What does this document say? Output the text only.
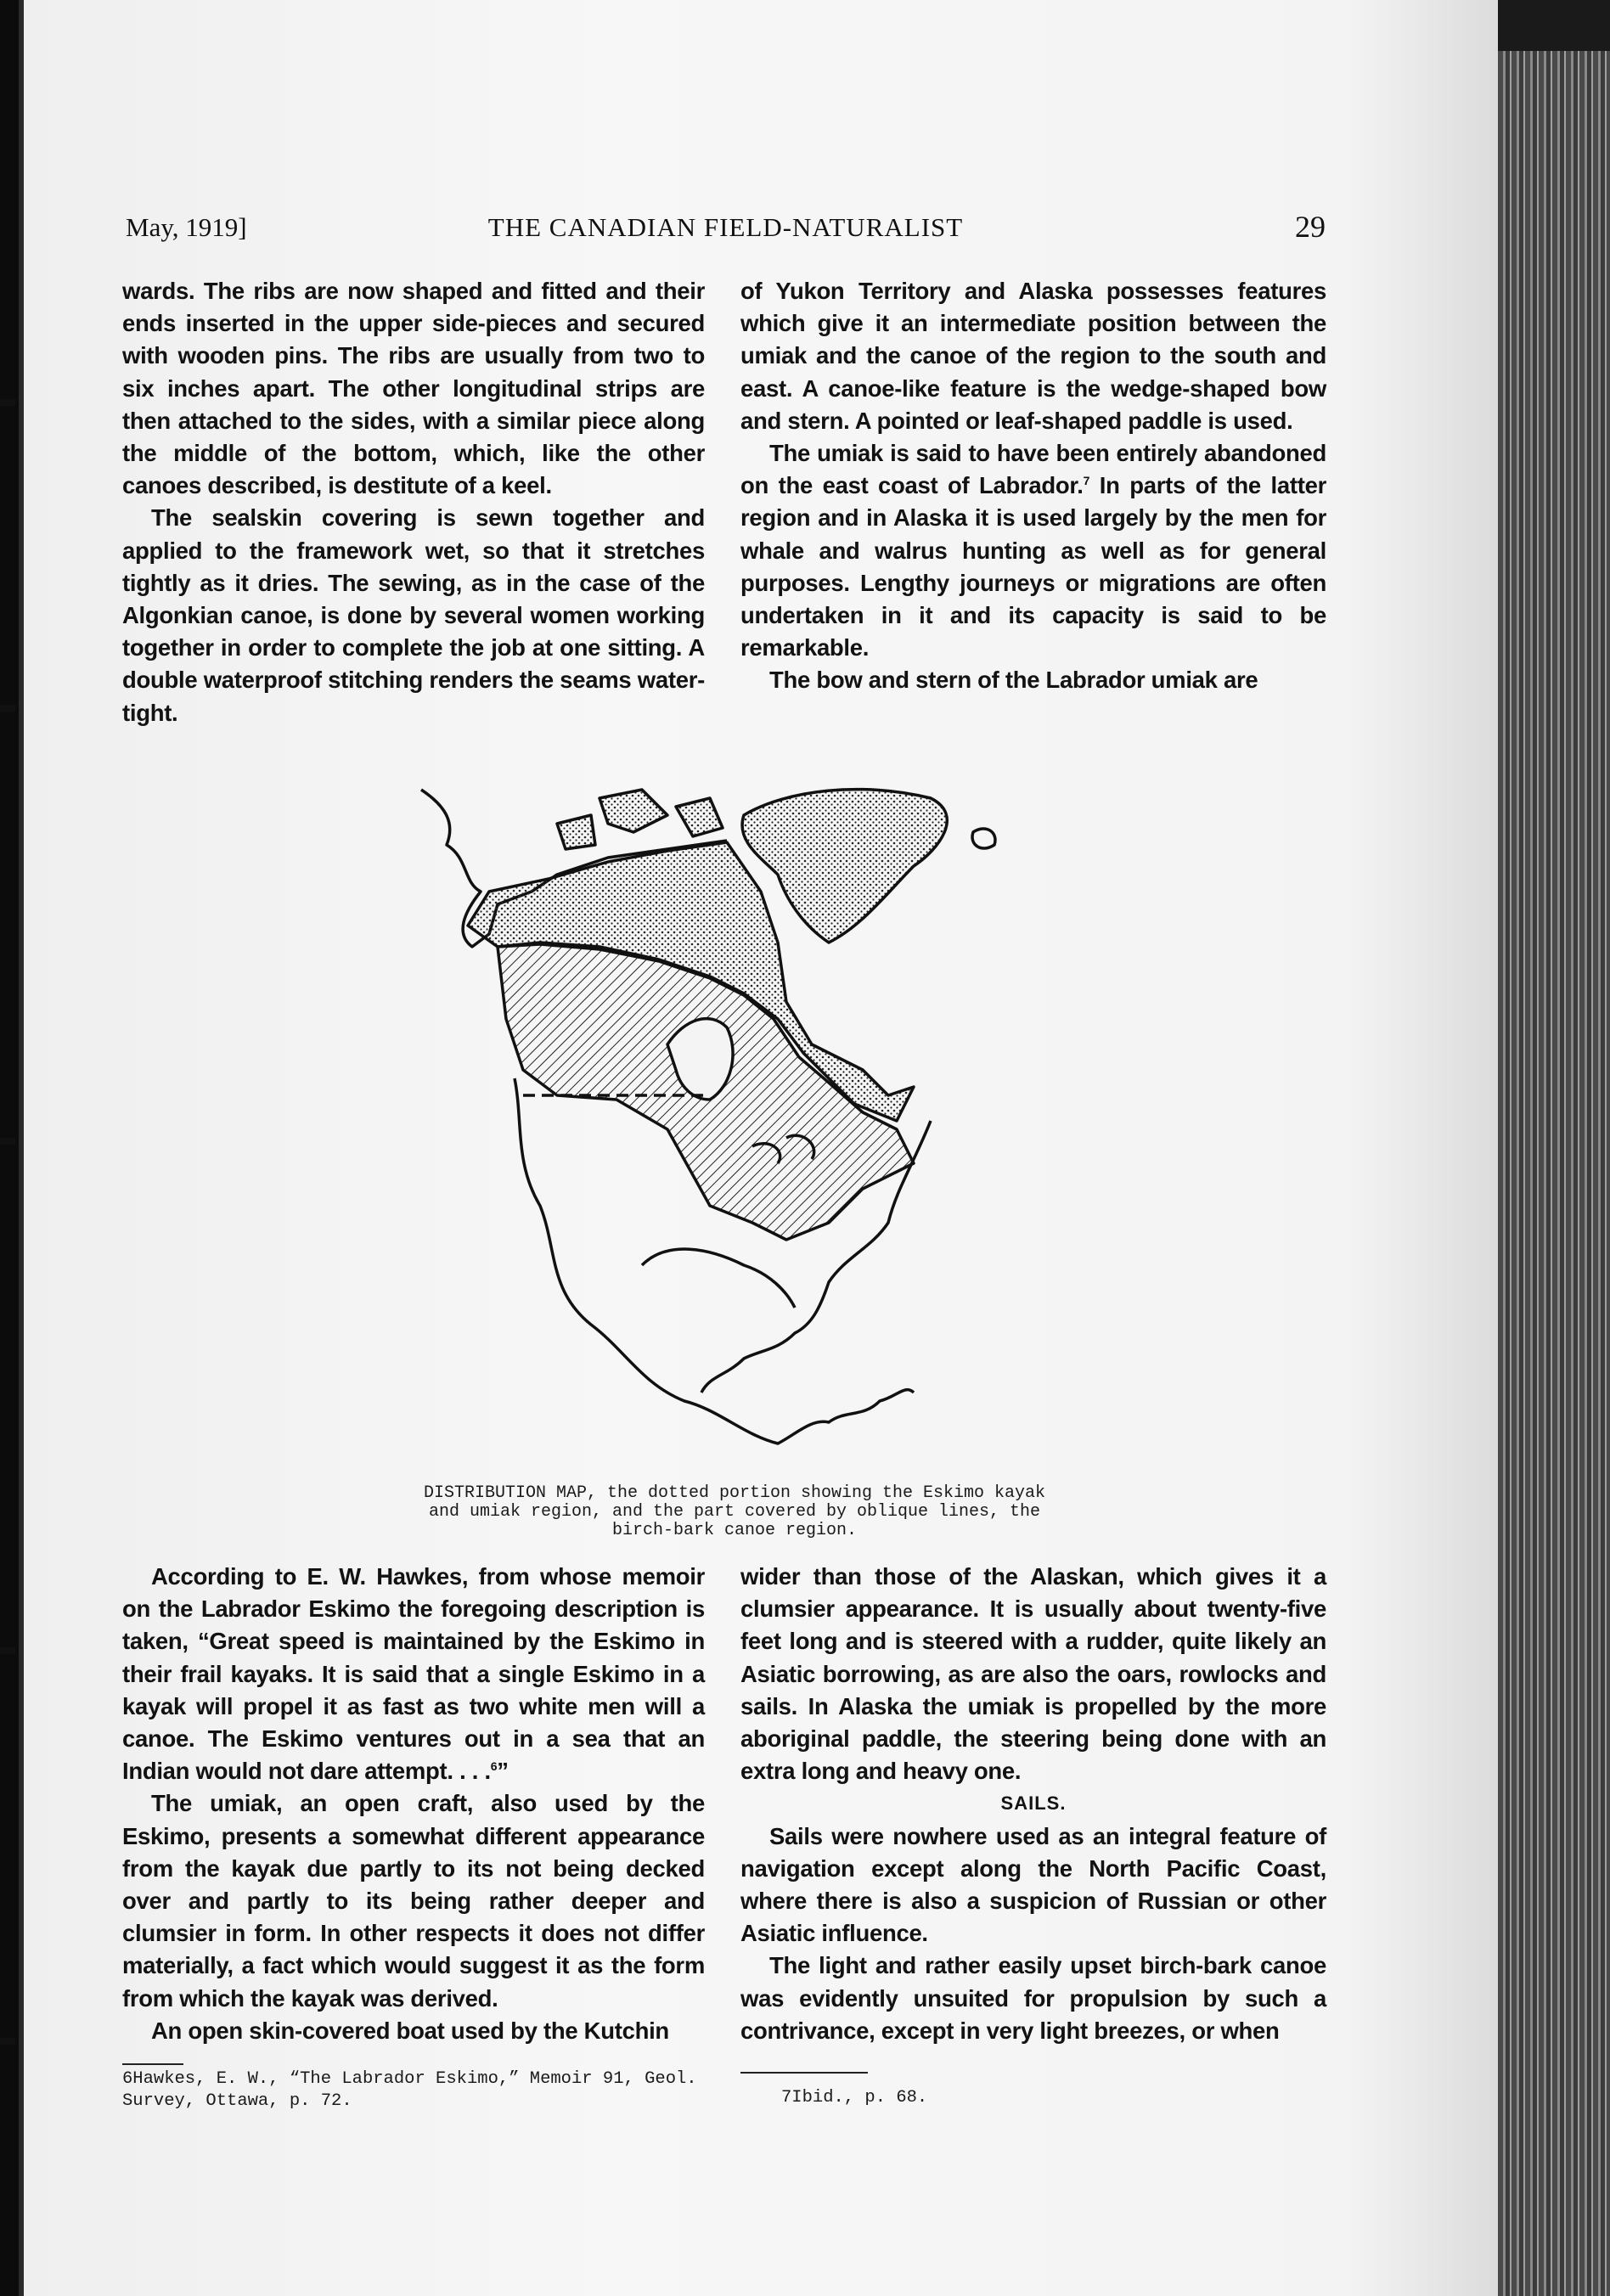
May, 1919]	THE CANADIAN FIELD-NATURALIST	29

wards. The ribs are now shaped and fitted and their ends inserted in the upper side-pieces and secured with wooden pins. The ribs are usually from two to six inches apart. The other longitudinal strips are then attached to the sides, with a similar piece along the middle of the bottom, which, like the other canoes described, is destitute of a keel.

The sealskin covering is sewn together and applied to the framework wet, so that it stretches tightly as it dries. The sewing, as in the case of the Algonkian canoe, is done by several women working together in order to complete the job at one sitting. A double waterproof stitching renders the seams water-tight.

of Yukon Territory and Alaska possesses features which give it an intermediate position between the umiak and the canoe of the region to the south and east. A canoe-like feature is the wedge-shaped bow and stern. A pointed or leaf-shaped paddle is used.

The umiak is said to have been entirely abandoned on the east coast of Labrador.$^7$ In parts of the latter region and in Alaska it is used largely by the men for whale and walrus hunting as well as for general purposes. Lengthy journeys or migrations are often undertaken in it and its capacity is said to be remarkable.

The bow and stern of the Labrador umiak are

DISTRIBUTION MAP, the dotted portion showing the Eskimo kayak and umiak region, and the part covered by oblique lines, the birch-bark canoe region.

According to E. W. Hawkes, from whose memoir on the Labrador Eskimo the foregoing description is taken, “Great speed is maintained by the Eskimo in their frail kayaks. It is said that a single Eskimo in a kayak will propel it as fast as two white men will a canoe. The Eskimo ventures out in a sea that an Indian would not dare attempt. . . .$^6$”

The umiak, an open craft, also used by the Eskimo, presents a somewhat different appearance from the kayak due partly to its not being decked over and partly to its being rather deeper and clumsier in form. In other respects it does not differ materially, a fact which would suggest it as the form from which the kayak was derived.

An open skin-covered boat used by the Kutchin

wider than those of the Alaskan, which gives it a clumsier appearance. It is usually about twenty-five feet long and is steered with a rudder, quite likely an Asiatic borrowing, as are also the oars, rowlocks and sails. In Alaska the umiak is propelled by the more aboriginal paddle, the steering being done with an extra long and heavy one.

SAILS.

Sails were nowhere used as an integral feature of navigation except along the North Pacific Coast, where there is also a suspicion of Russian or other Asiatic influence.

The light and rather easily upset birch-bark canoe was evidently unsuited for propulsion by such a contrivance, except in very light breezes, or when

6Hawkes, E. W., “The Labrador Eskimo,” Memoir 91, Geol. Survey, Ottawa, p. 72.	7Ibid., p. 68.
